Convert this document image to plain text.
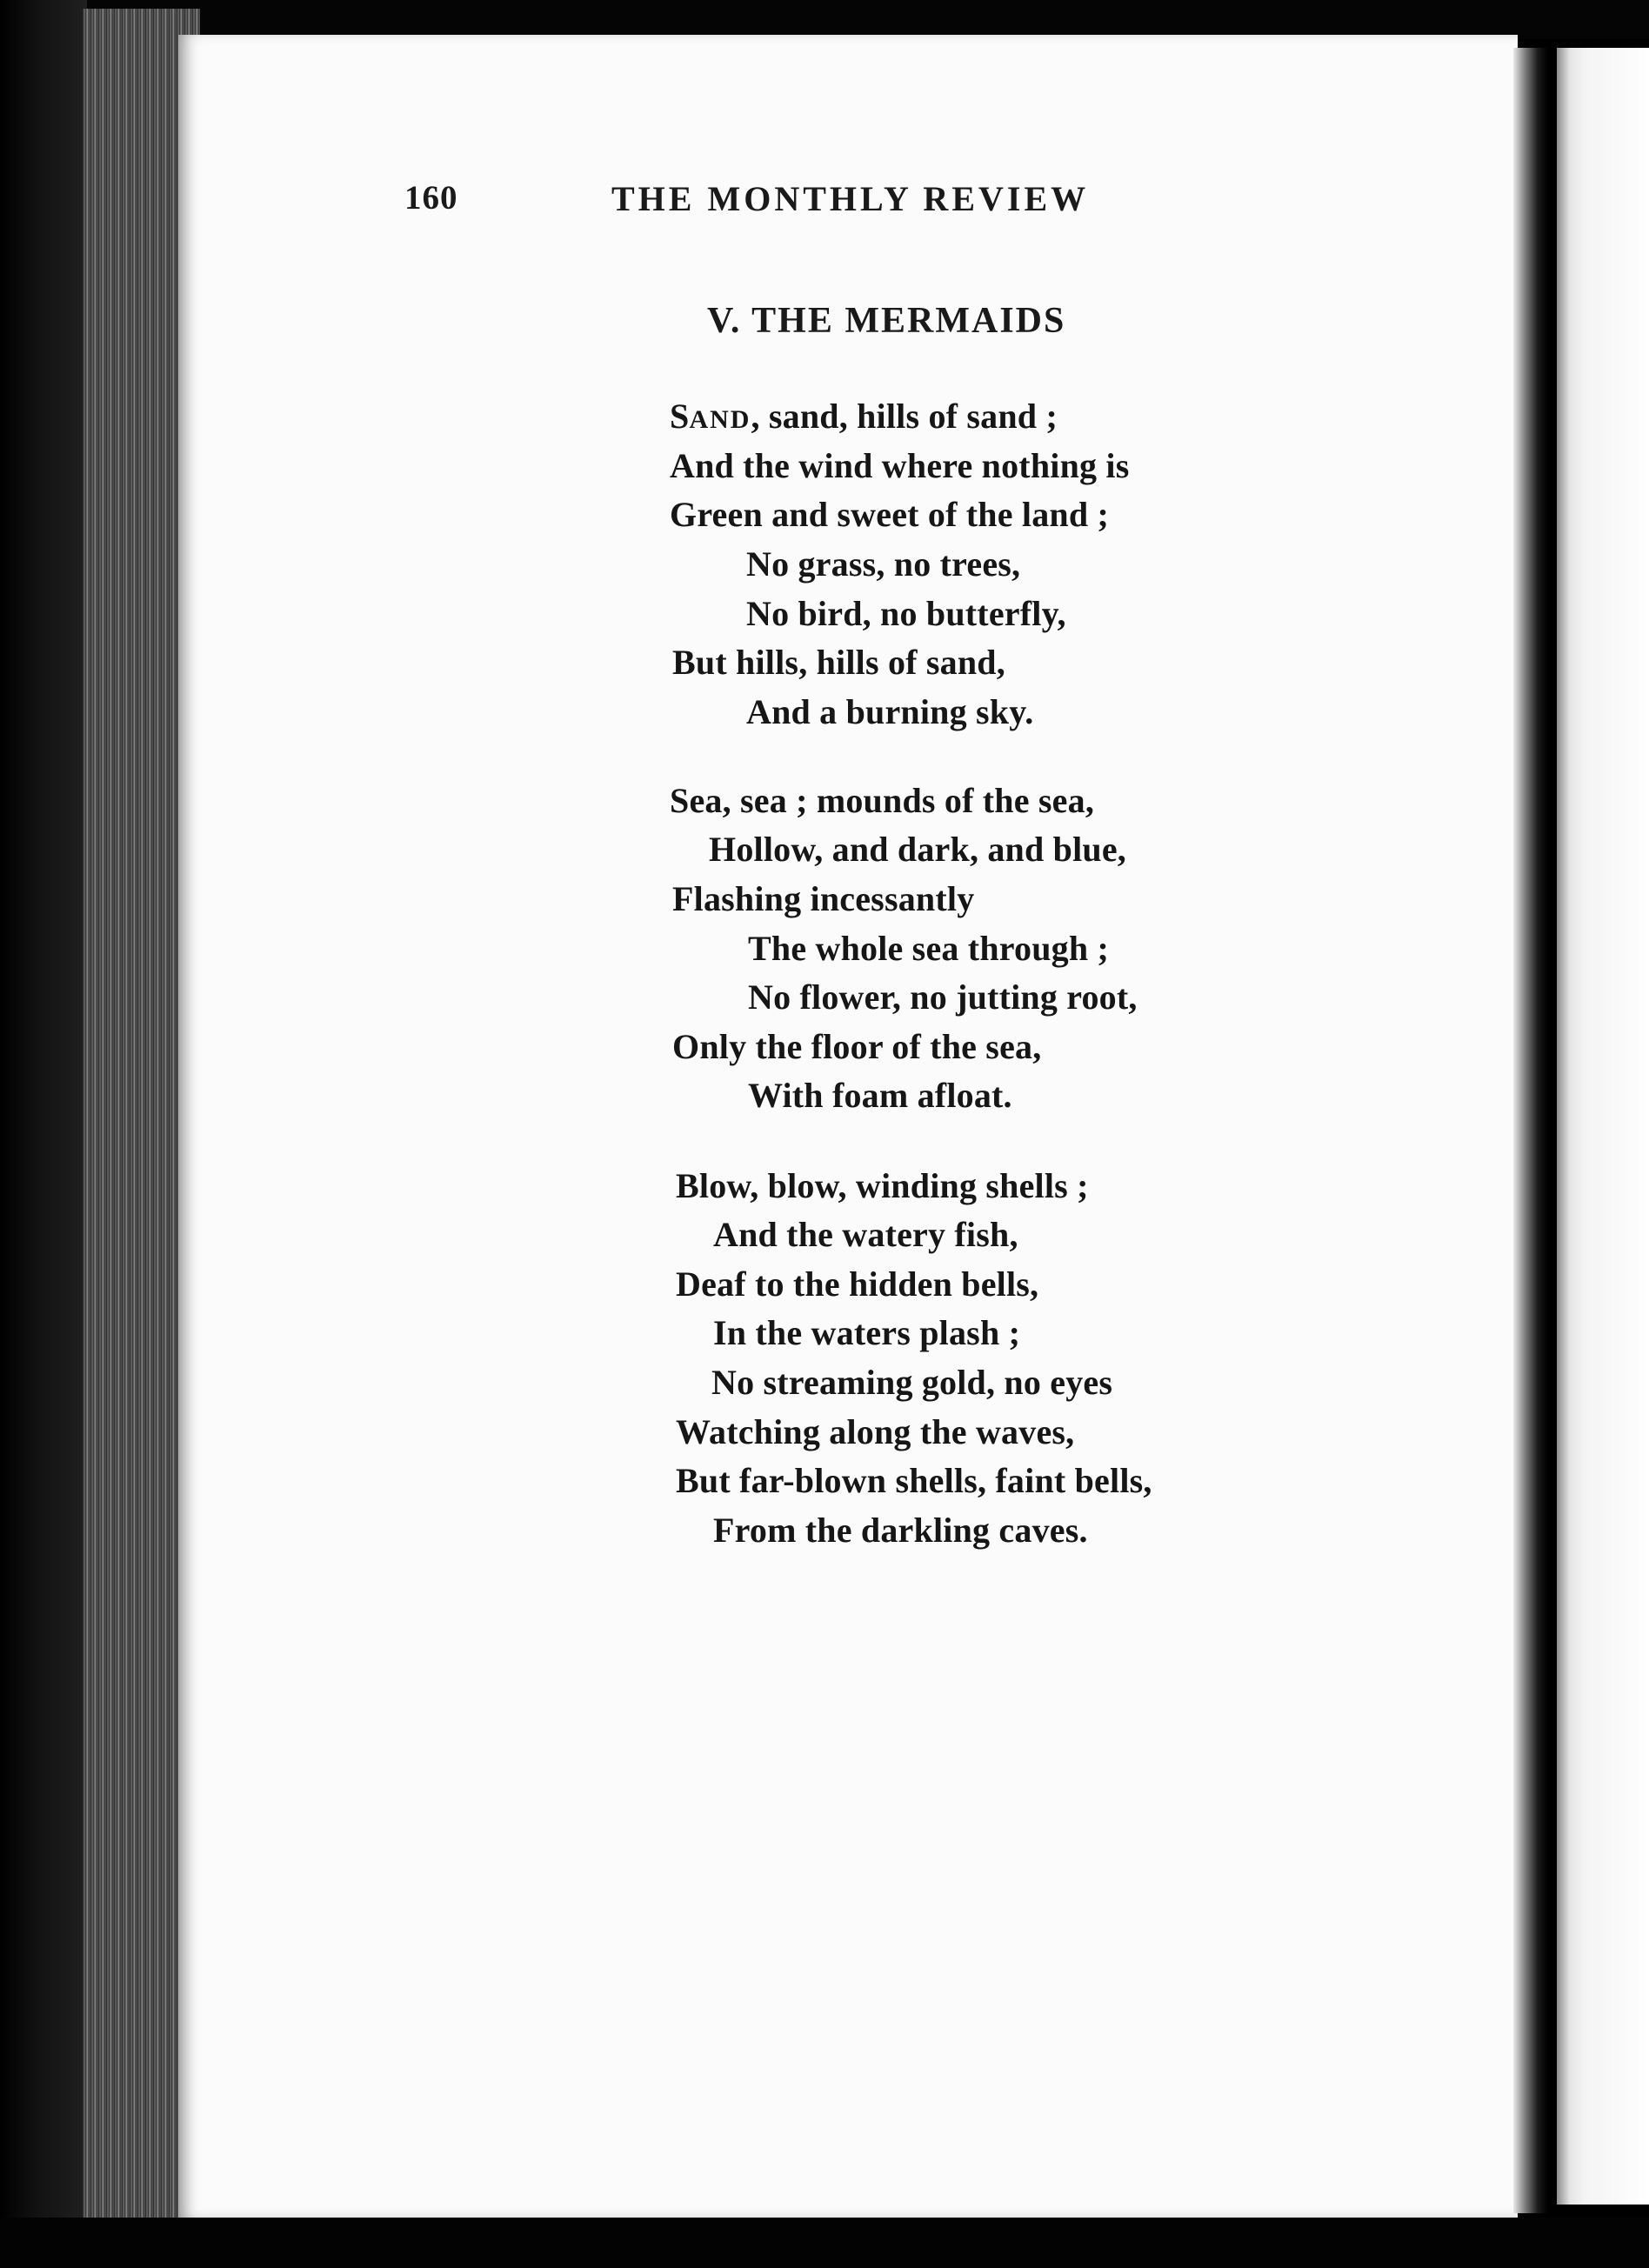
160	THE MONTHLY REVIEW
V. THE MERMAIDS
SAND, sand, hills of sand ;
And the wind where nothing is
Green and sweet of the land ;
No grass, no trees,
No bird, no butterfly,
But hills, hills of sand,
And a burning sky.
Sea, sea ; mounds of the sea,
Hollow, and dark, and blue,
Flashing incessantly
The whole sea through ;
No flower, no jutting root,
Only the floor of the sea,
With foam afloat.
Blow, blow, winding shells ;
And the watery fish,
Deaf to the hidden bells,
In the waters plash ;
No streaming gold, no eyes
Watching along the waves,
But far-blown shells, faint bells,
From the darkling caves.
